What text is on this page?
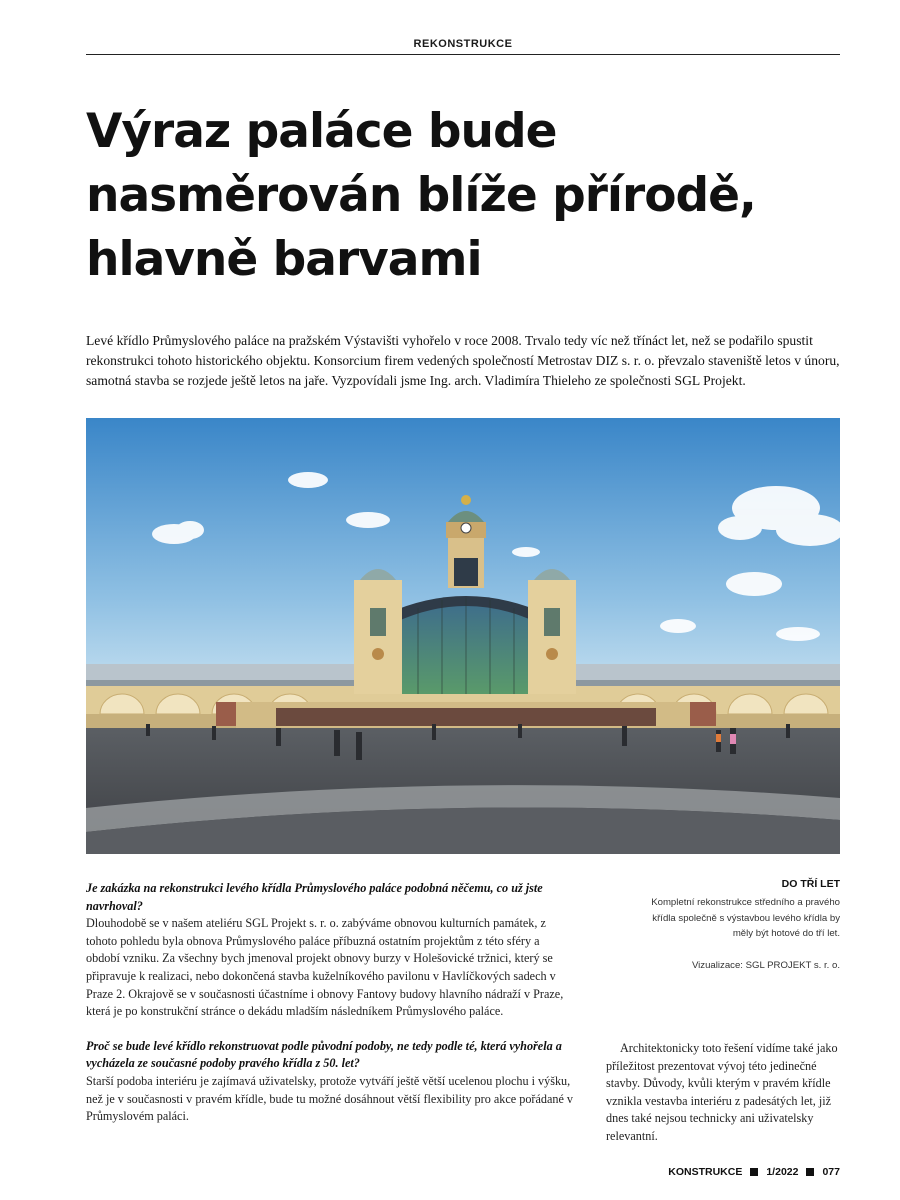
REKONSTRUKCE
Výraz paláce bude nasměrován blíže přírodě, hlavně barvami

Levé křídlo Průmyslového paláce na pražském Výstavišti vyhořelo v roce 2008. Trvalo tedy víc než třínáct let, než se podařilo spustit rekonstrukci tohoto historického objektu. Konsorcium firem vedených společností Metrostav DIZ s. r. o. převzalo staveniště letos v únoru, samotná stavba se rozjede ještě letos na jaře. Vyzpovídali jsme Ing. arch. Vladimíra Thieleho ze společnosti SGL Projekt.

Je zakázka na rekonstrukci levého křídla Průmyslového paláce podobná něčemu, co už jste navrhoval?

Dlouhodobě se v našem ateliéru SGL Projekt s. r. o. zabýváme obnovou kulturních památek, z tohoto pohledu byla obnova Průmyslového paláce příbuzná ostatním projektům z této sféry a období vzniku. Za všechny bych jmenoval projekt obnovy burzy v Holešovické tržnici, který se připravuje k realizaci, nebo dokončená stavba kuželníkového pavilonu v Havlíčkových sadech v Praze 2. Okrajově se v současnosti účastníme i obnovy Fantovy budovy hlavního nádraží v Praze, která je po konstrukční stránce o dekádu mladším následníkem Průmyslového paláce.

Proč se bude levé křídlo rekonstruovat podle původní podoby, ne tedy podle té, která vyhořela a vycházela ze současné podoby pravého křídla z 50. let?

Starší podoba interiéru je zajímavá uživatelsky, protože vytváří ještě větší ucelenou plochu i výšku, než je v současnosti v pravém křídle, bude tu možné dosáhnout větší flexibility pro akce pořádané v Průmyslovém paláci.

DO TŘÍ LET

Kompletní rekonstrukce středního a pravého křídla společně s výstavbou levého křídla by měly být hotové do tří let.

Vizualizace: SGL PROJEKT s. r. o.

Architektonicky toto řešení vidíme také jako příležitost prezentovat vývoj této jedinečné stavby. Důvody, kvůli kterým v pravém křídle vznikla vestavba interiéru z padesátých let, již dnes také nejsou technicky ani uživatelsky relevantní.

KONSTRUKCE 1/2022 077
